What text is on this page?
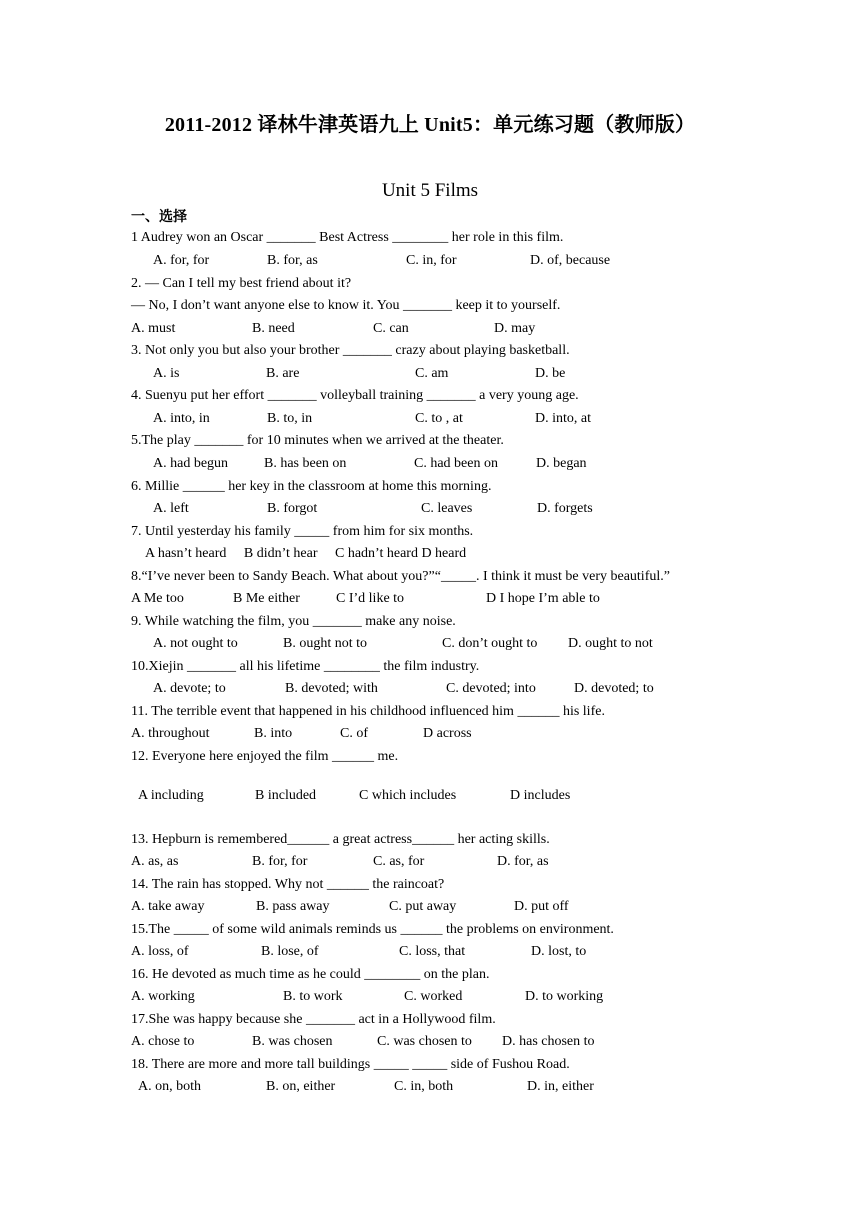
2011-2012 译林牛津英语九上 Unit5：单元练习题（教师版）
Unit 5 Films
一、选择
1 Audrey won an Oscar _______ Best Actress ________ her role in this film.
A. for, for	B. for, as	C. in, for	D. of, because
2. — Can I tell my best friend about it?
— No, I don’t want anyone else to know it. You _______ keep it to yourself.
A. must	B. need	C. can	D. may
3. Not only you but also your brother _______ crazy about playing basketball.
A. is	B. are	C. am	D. be
4. Suenyu put her effort _______ volleyball training _______ a very young age.
A. into, in	B. to, in	C. to , at	D. into, at
5.The play _______ for 10 minutes when we arrived at the theater.
A. had begun	B. has been on	C. had been on	D. began
6. Millie ______ her key in the classroom at home this morning.
A. left	B. forgot	C. leaves	D. forgets
7. Until yesterday his family _____ from him for six months.
A hasn’t heard     B didn’t hear     C hadn’t heard D heard
8.“I’ve never been to Sandy Beach. What about you?”“_____. I think it must be very beautiful.”
A Me too	B Me either	C I’d like to	D I hope I’m able to
9. While watching the film, you _______ make any noise.
A. not ought to	B. ought not to	C. don’t ought to D. ought to not
10.Xiejin _______ all his lifetime ________ the film industry.
A. devote; to	B. devoted; with	C. devoted; into	D. devoted; to
11. The terrible event that happened in his childhood influenced him ______ his life.
A. throughout	B. into	C. of	D across
12. Everyone here enjoyed the film ______ me.
A including	B included	C which includes	D includes
13. Hepburn is remembered______ a great actress______ her acting skills.
A. as, as	B. for, for	C. as, for	D. for, as
14. The rain has stopped. Why not ______ the raincoat?
A. take away	B. pass away	C. put away	D. put off
15.The _____ of some wild animals reminds us ______ the problems on environment.
A. loss, of	B. lose, of	C. loss, that	D. lost, to
16. He devoted as much time as he could ________ on the plan.
A. working	B. to work	C. worked	D. to working
17.She was happy because she _______ act in a Hollywood film.
A. chose to	B. was chosen	C. was chosen to D. has chosen to
18. There are more and more tall buildings _____ _____ side of Fushou Road.
A. on, both	B. on, either	C. in, both	D. in, either
